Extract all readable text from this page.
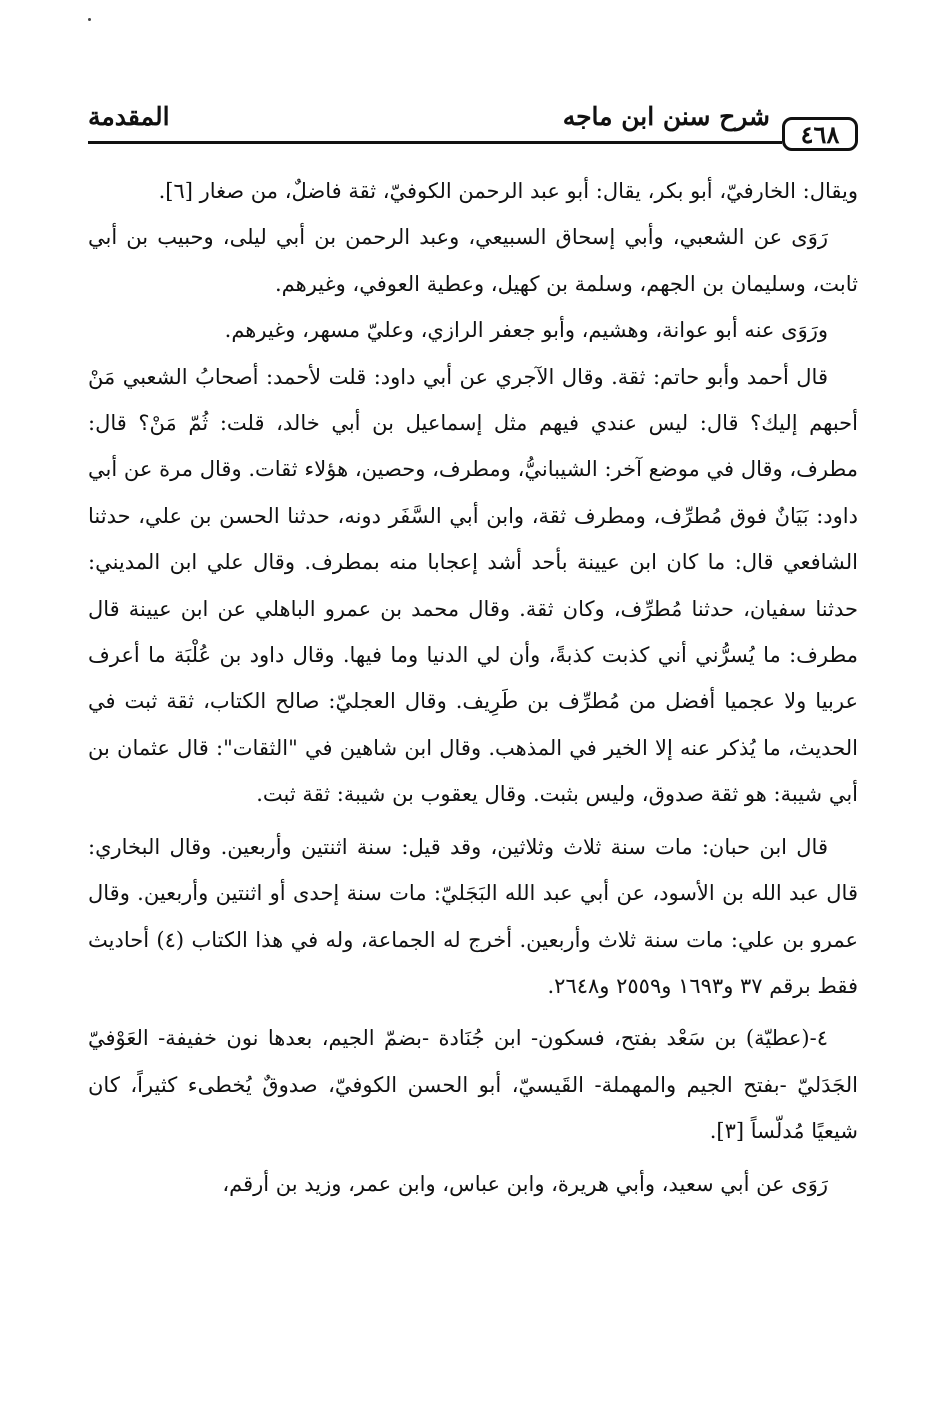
٤٦٨
شرح سنن ابن ماجه
المقدمة

ويقال: الخارفيّ، أبو بكر، يقال: أبو عبد الرحمن الكوفيّ، ثقة فاضلٌ، من صغار [٦].

رَوَى عن الشعبي، وأبي إسحاق السبيعي، وعبد الرحمن بن أبي ليلى، وحبيب بن أبي ثابت، وسليمان بن الجهم، وسلمة بن كهيل، وعطية العوفي، وغيرهم.

ورَوَى عنه أبو عوانة، وهشيم، وأبو جعفر الرازي، وعليّ مسهر، وغيرهم.

قال أحمد وأبو حاتم: ثقة. وقال الآجري عن أبي داود: قلت لأحمد: أصحابُ الشعبي مَنْ أحبهم إليك؟ قال: ليس عندي فيهم مثل إسماعيل بن أبي خالد، قلت: ثُمّ مَنْ؟ قال: مطرف، وقال في موضع آخر: الشيبانيُّ، ومطرف، وحصين، هؤلاء ثقات. وقال مرة عن أبي داود: بَيَانٌ فوق مُطرِّف، ومطرف ثقة، وابن أبي السَّفَر دونه، حدثنا الحسن بن علي، حدثنا الشافعي قال: ما كان ابن عيينة بأحد أشد إعجابا منه بمطرف. وقال علي ابن المديني: حدثنا سفيان، حدثنا مُطرِّف، وكان ثقة. وقال محمد بن عمرو الباهلي عن ابن عيينة قال مطرف: ما يُسرُّني أني كذبت كذبةً، وأن لي الدنيا وما فيها. وقال داود بن عُلْبَة ما أعرف عربيا ولا عجميا أفضل من مُطرِّف بن طَرِيف. وقال العجليّ: صالح الكتاب، ثقة ثبت في الحديث، ما يُذكر عنه إلا الخير في المذهب. وقال ابن شاهين في "الثقات": قال عثمان بن أبي شيبة: هو ثقة صدوق، وليس بثبت. وقال يعقوب بن شيبة: ثقة ثبت.

قال ابن حبان: مات سنة ثلاث وثلاثين، وقد قيل: سنة اثنتين وأربعين. وقال البخاري: قال عبد الله بن الأسود، عن أبي عبد الله البَجَليّ: مات سنة إحدى أو اثنتين وأربعين. وقال عمرو بن علي: مات سنة ثلاث وأربعين. أخرج له الجماعة، وله في هذا الكتاب (٤) أحاديث فقط برقم ٣٧ و١٦٩٣ و٢٥٥٩ و٢٦٤٨.

٤-(عطيّة) بن سَعْد بفتح، فسكون- ابن جُنَادة -بضمّ الجيم، بعدها نون خفيفة- العَوْفيّ الجَدَليّ -بفتح الجيم والمهملة- القَيسيّ، أبو الحسن الكوفيّ، صدوقٌ يُخطىء كثيراً، كان شيعيًا مُدلّساً [٣].

رَوَى عن أبي سعيد، وأبي هريرة، وابن عباس، وابن عمر، وزيد بن أرقم،
